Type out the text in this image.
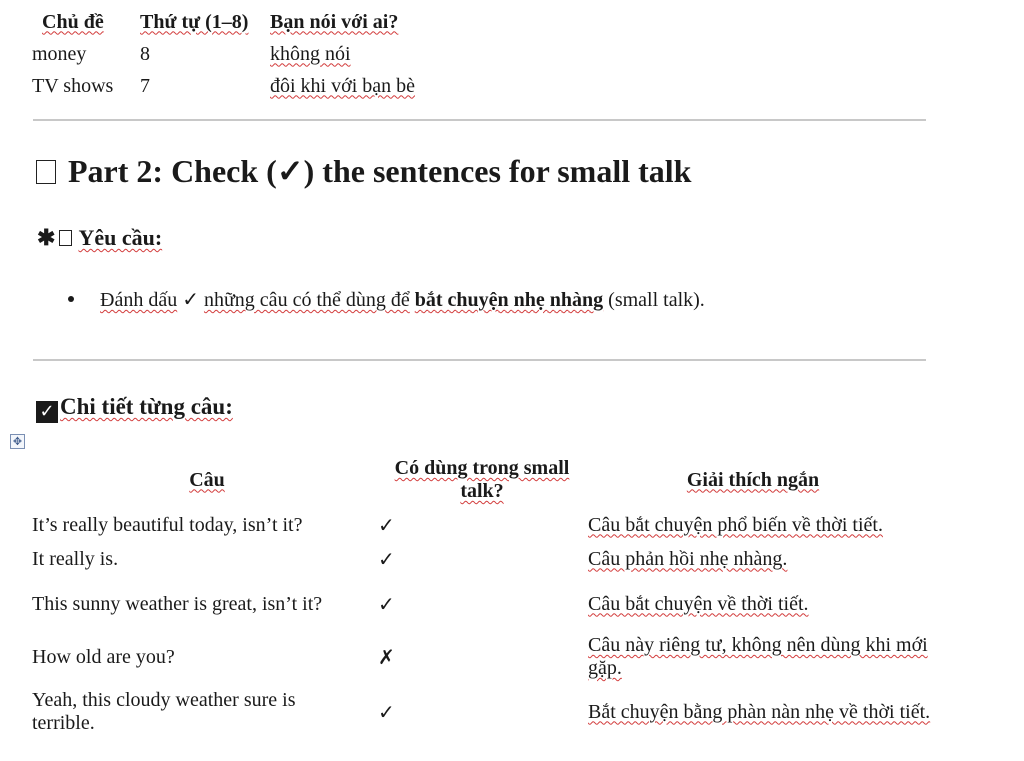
Chủ đề	Thứ tự (1–8)	Bạn nói với ai?
money	8	không nói
TV shows	7	đôi khi với bạn bè
Part 2: Check (✓) the sentences for small talk
✱ Yêu cầu:
Đánh dấu ✓ những câu có thể dùng để bắt chuyện nhẹ nhàng (small talk).
✓ Chi tiết từng câu:
✥
Câu	Có dùng trong small talk?	Giải thích ngắn
It’s really beautiful today, isn’t it?	✓	Câu bắt chuyện phổ biến về thời tiết.
It really is.	✓	Câu phản hồi nhẹ nhàng.
This sunny weather is great, isn’t it?	✓	Câu bắt chuyện về thời tiết.
How old are you?	✗	Câu này riêng tư, không nên dùng khi mới gặp.
Yeah, this cloudy weather sure is terrible.	✓	Bắt chuyện bằng phàn nàn nhẹ về thời tiết.
